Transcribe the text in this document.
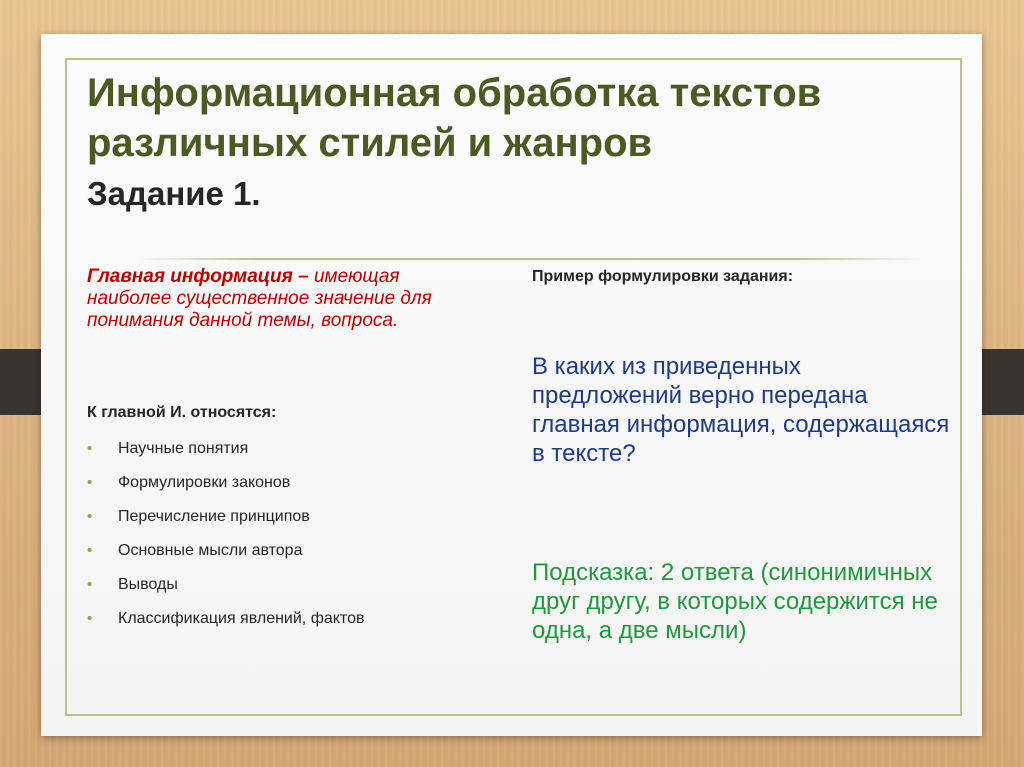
Информационная обработка текстов различных стилей и жанров
Задание 1.
Главная информация – имеющая наиболее существенное значение для понимания данной темы, вопроса.
К главной И. относятся:
• Научные понятия
• Формулировки законов
• Перечисление принципов
• Основные мысли автора
• Выводы
• Классификация явлений, фактов
Пример формулировки задания:

В каких из приведенных предложений верно передана главная информация, содержащаяся в тексте?

Подсказка: 2 ответа (синонимичных друг другу, в которых содержится не одна, а две мысли)
